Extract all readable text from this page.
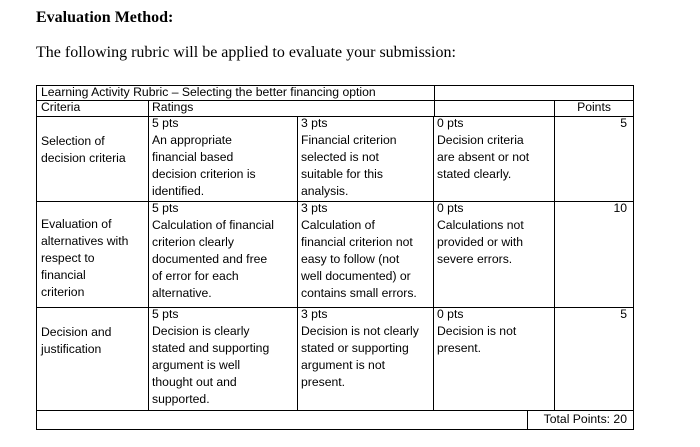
Evaluation Method:
The following rubric will be applied to evaluate your submission:
Learning Activity Rubric – Selecting the better financing option
Criteria	Ratings	Points
Selection of
decision criteria
5 pts
An appropriate
financial based
decision criterion is
identified.
3 pts
Financial criterion
selected is not
suitable for this
analysis.
0 pts
Decision criteria
are absent or not
stated clearly.
5
Evaluation of
alternatives with
respect to
financial
criterion
5 pts
Calculation of financial
criterion clearly
documented and free
of error for each
alternative.
3 pts
Calculation of
financial criterion not
easy to follow (not
well documented) or
contains small errors.
0 pts
Calculations not
provided or with
severe errors.
10
Decision and
justification
5 pts
Decision is clearly
stated and supporting
argument is well
thought out and
supported.
3 pts
Decision is not clearly
stated or supporting
argument is not
present.
0 pts
Decision is not
present.
5
Total Points: 20
